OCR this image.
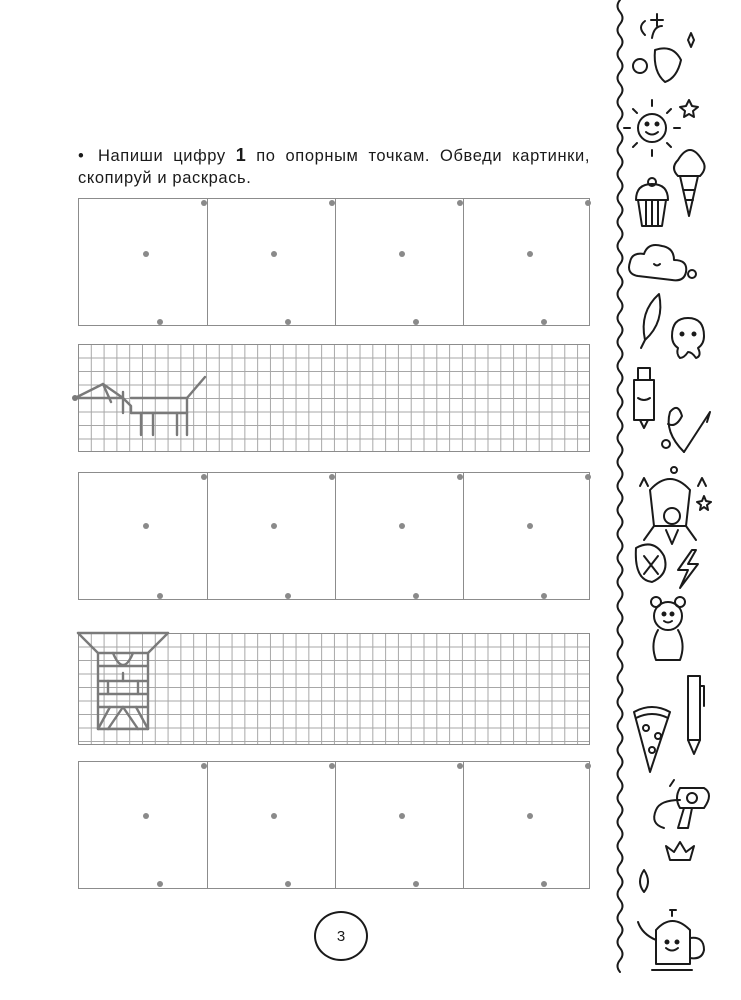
• Напиши цифру 1 по опорным точкам. Обведи картинки, скопируй и раскрась.
3
